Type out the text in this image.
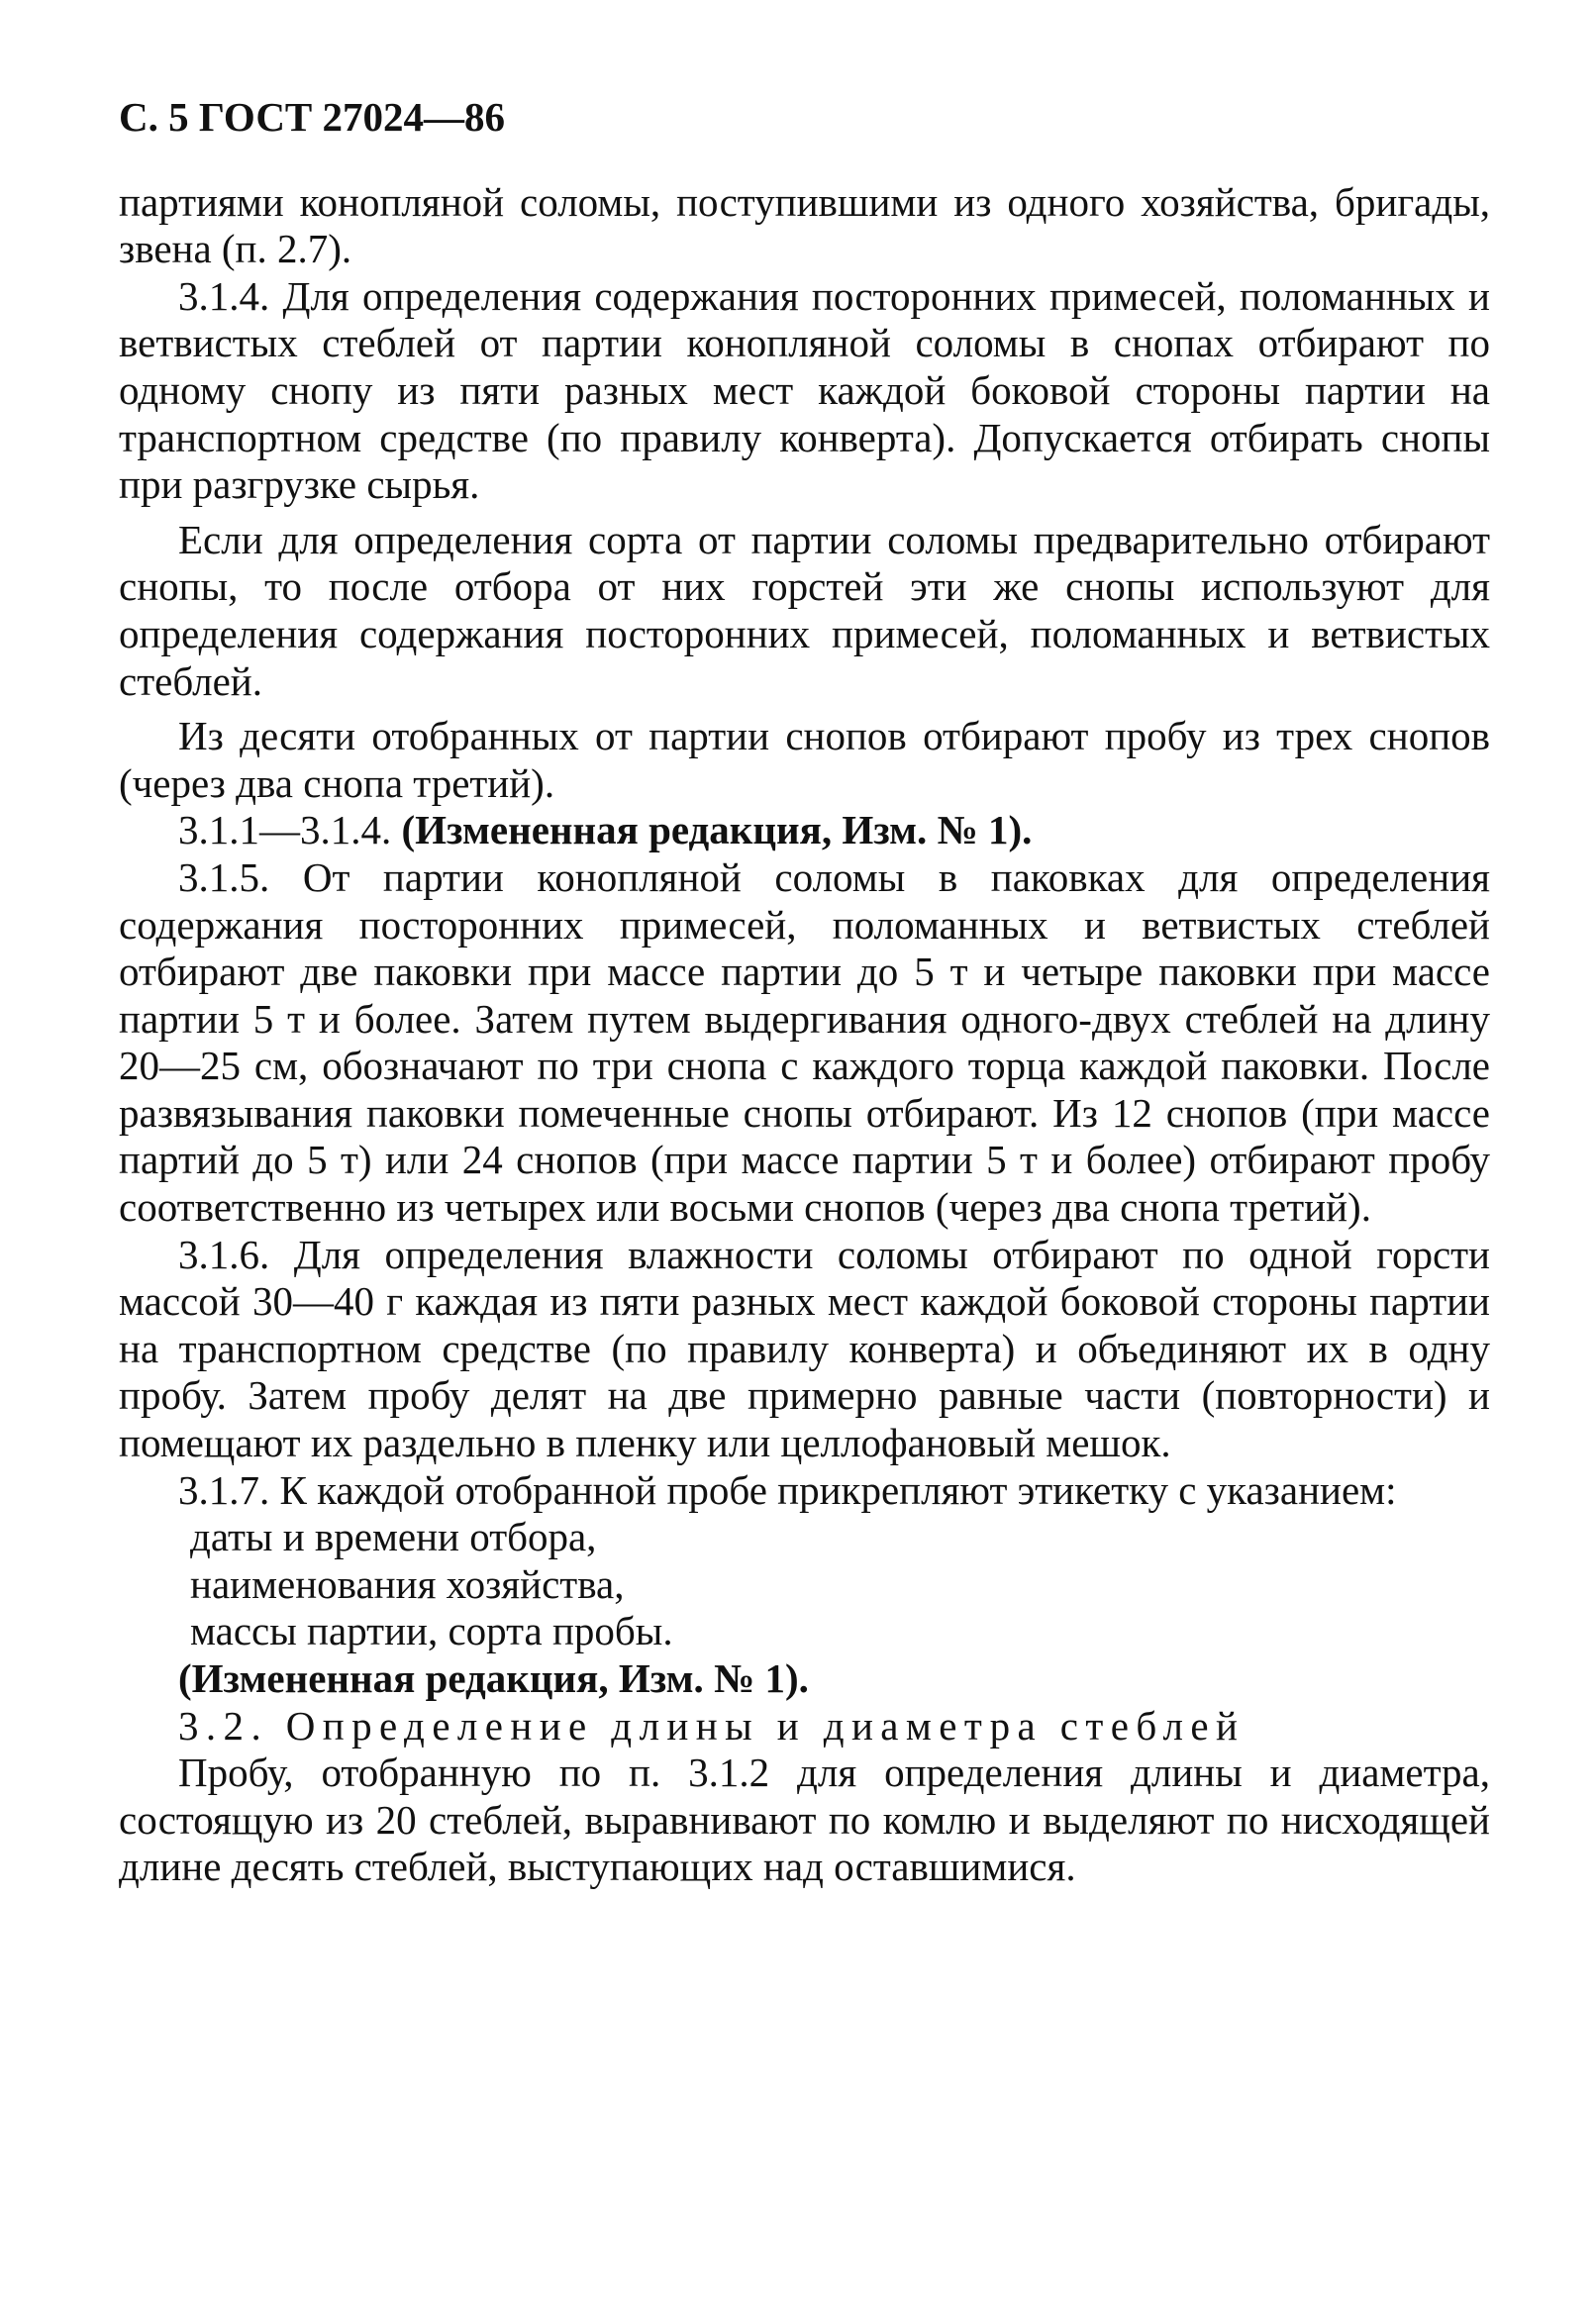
С. 5 ГОСТ 27024—86

партиями конопляной соломы, поступившими из одного хозяйства, бригады, звена (п. 2.7).

3.1.4. Для определения содержания посторонних примесей, поломанных и ветвистых стеблей от партии конопляной соломы в снопах отбирают по одному снопу из пяти разных мест каждой боковой стороны партии на транспортном средстве (по правилу конверта). Допускается отбирать снопы при разгрузке сырья.

Если для определения сорта от партии соломы предварительно отбирают снопы, то после отбора от них горстей эти же снопы используют для определения содержания посторонних примесей, поломанных и ветвистых стеблей.

Из десяти отобранных от партии снопов отбирают пробу из трех снопов (через два снопа третий).

3.1.1—3.1.4. (Измененная редакция, Изм. № 1).

3.1.5. От партии конопляной соломы в паковках для определения содержания посторонних примесей, поломанных и ветвистых стеблей отбирают две паковки при массе партии до 5 т и четыре паковки при массе партии 5 т и более. Затем путем выдергивания одного-двух стеблей на длину 20—25 см, обозначают по три снопа с каждого торца каждой паковки. После развязывания паковки помеченные снопы отбирают. Из 12 снопов (при массе партий до 5 т) или 24 снопов (при массе партии 5 т и более) отбирают пробу соответственно из четырех или восьми снопов (через два снопа третий).

3.1.6. Для определения влажности соломы отбирают по одной горсти массой 30—40 г каждая из пяти разных мест каждой боковой стороны партии на транспортном средстве (по правилу конверта) и объединяют их в одну пробу. Затем пробу делят на две примерно равные части (повторности) и помещают их раздельно в пленку или целлофановый мешок.

3.1.7. К каждой отобранной пробе прикрепляют этикетку с указанием:

даты и времени отбора,

наименования хозяйства,

массы партии, сорта пробы.

(Измененная редакция, Изм. № 1).

3.2. Определение длины и диаметра стеблей

Пробу, отобранную по п. 3.1.2 для определения длины и диаметра, состоящую из 20 стеблей, выравнивают по комлю и выделяют по нисходящей длине десять стеблей, выступающих над оставшимися.
